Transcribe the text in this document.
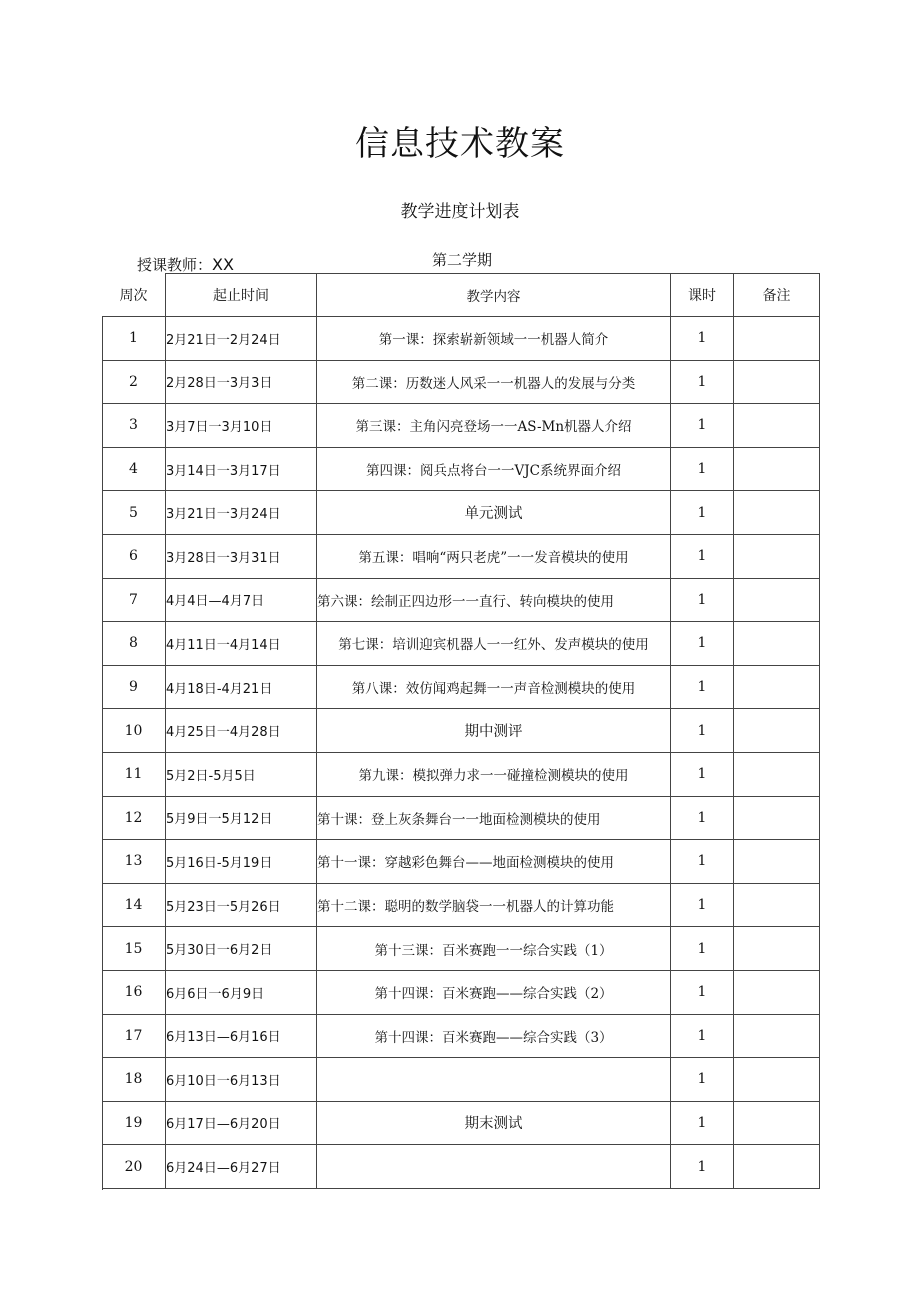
信息技术教案
教学进度计划表
授课教师：XX	第二学期
周次	起止时间	教学内容	课时	备注
1	2月21日一2月24日	第一课：探索崭新领域一一机器人简介	1	
2	2月28日一3月3日	第二课：历数迷人风采一一机器人的发展与分类	1	
3	3月7日一3月10日	第三课：主角闪亮登场一一AS-Mn机器人介绍	1	
4	3月14日一3月17日	第四课：阅兵点将台一一VJC系统界面介绍	1	
5	3月21日一3月24日	单元测试	1	
6	3月28日一3月31日	第五课：唱响“两只老虎”一一发音模块的使用	1	
7	4月4日—4月7日	第六课：绘制正四边形一一直行、转向模块的使用	1	
8	4月11日一4月14日	第七课：培训迎宾机器人一一红外、发声模块的使用	1	
9	4月18日-4月21日	第八课：效仿闻鸡起舞一一声音检测模块的使用	1	
10	4月25日一4月28日	期中测评	1	
11	5月2日-5月5日	第九课：模拟弹力求一一碰撞检测模块的使用	1	
12	5月9日一5月12日	第十课：登上灰条舞台一一地面检测模块的使用	1	
13	5月16日-5月19日	第十一课：穿越彩色舞台——地面检测模块的使用	1	
14	5月23日一5月26日	第十二课：聪明的数学脑袋一一机器人的计算功能	1	
15	5月30日一6月2日	第十三课：百米赛跑一一综合实践（1）	1	
16	6月6日一6月9日	第十四课：百米赛跑——综合实践（2）	1	
17	6月13日—6月16日	第十四课：百米赛跑——综合实践（3）	1	
18	6月10日一6月13日		1	
19	6月17日—6月20日	期末测试	1	
20	6月24日—6月27日		1	
